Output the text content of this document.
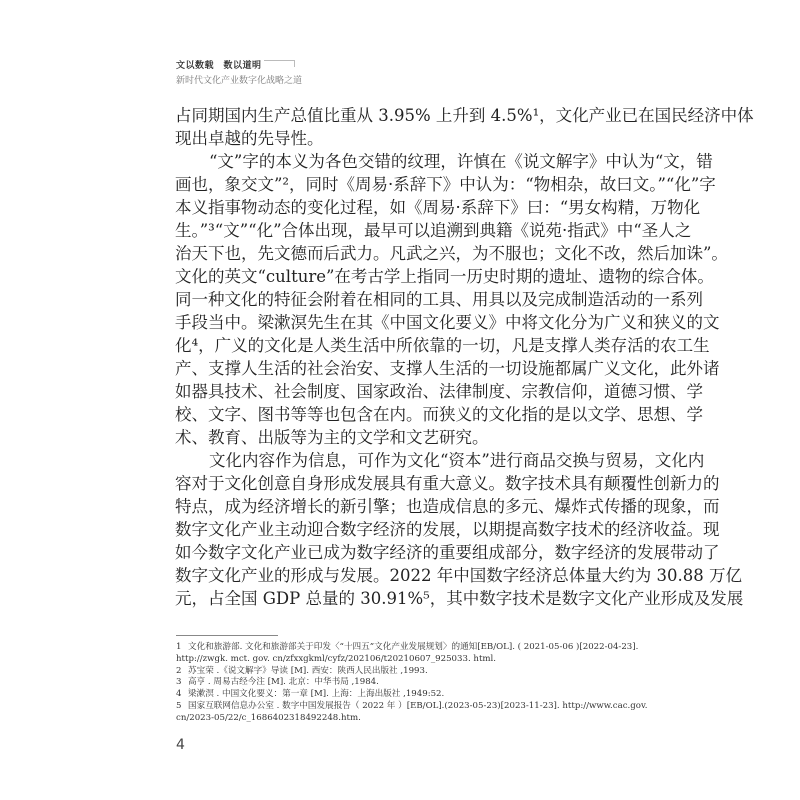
文以数载　数以道明
新时代文化产业数字化战略之道
占同期国内生产总值比重从 3.95% 上升到 4.5%¹，文化产业已在国民经济中体
现出卓越的先导性。
“文”字的本义为各色交错的纹理，许慎在《说文解字》中认为“文，错
画也，象交文”²，同时《周易·系辞下》中认为：“物相杂，故曰文。”“化”字
本义指事物动态的变化过程，如《周易·系辞下》曰：“男女构精，万物化
生。”³“文”“化”合体出现，最早可以追溯到典籍《说苑·指武》中“圣人之
治天下也，先文德而后武力。凡武之兴，为不服也；文化不改，然后加诛”。
文化的英文“culture”在考古学上指同一历史时期的遗址、遗物的综合体。
同一种文化的特征会附着在相同的工具、用具以及完成制造活动的一系列
手段当中。梁漱溟先生在其《中国文化要义》中将文化分为广义和狭义的文
化⁴，广义的文化是人类生活中所依靠的一切，凡是支撑人类存活的农工生
产、支撑人生活的社会治安、支撑人生活的一切设施都属广义文化，此外诸
如器具技术、社会制度、国家政治、法律制度、宗教信仰，道德习惯、学
校、文字、图书等等也包含在内。而狭义的文化指的是以文学、思想、学
术、教育、出版等为主的文学和文艺研究。
文化内容作为信息，可作为文化“资本”进行商品交换与贸易，文化内
容对于文化创意自身形成发展具有重大意义。数字技术具有颠覆性创新力的
特点，成为经济增长的新引擎；也造成信息的多元、爆炸式传播的现象，而
数字文化产业主动迎合数字经济的发展，以期提高数字技术的经济收益。现
如今数字文化产业已成为数字经济的重要组成部分，数字经济的发展带动了
数字文化产业的形成与发展。2022 年中国数字经济总体量大约为 30.88 万亿
元，占全国 GDP 总量的 30.91%⁵，其中数字技术是数字文化产业形成及发展
1 文化和旅游部. 文化和旅游部关于印发〈“十四五”文化产业发展规划〉的通知[EB/OL]. ( 2021-05-06 )[2022-04-23].
http://zwgk. mct. gov. cn/zfxxgkml/cyfz/202106/t20210607_925033. html.
2 苏宝荣 .《说文解字》导读 [M]. 西安：陕西人民出版社 ,1993.
3 高亨 . 周易古经今注 [M]. 北京：中华书局 ,1984.
4 梁漱溟 . 中国文化要义：第一章 [M]. 上海：上海出版社 ,1949:52.
5 国家互联网信息办公室 . 数字中国发展报告（ 2022 年 ）[EB/OL].(2023-05-23)[2023-11-23]. http://www.cac.gov.
cn/2023-05/22/c_1686402318492248.htm.
4
